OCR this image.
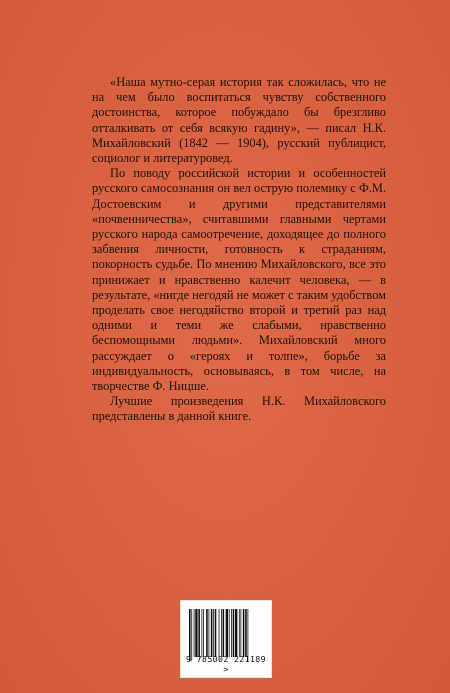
«Наша мутно-серая история так сложилась, что не на чем было воспитаться чувству собственного достоинства, которое побуждало бы брезгливо отталкивать от себя всякую гадину», — писал Н.К. Михайловский (1842 — 1904), русский публицист, социолог и литературовед.

По поводу российской истории и особенностей русского самосознания он вел острую полемику с Ф.М. Достоевским и другими представителями «почвенничества», считавшими главными чертами русского народа самоотречение, доходящее до полного забвения личности, готовность к страданиям, покорность судьбе. По мнению Михайловского, все это принижает и нравственно калечит человека, — в результате, «нигде негодяй не может с таким удобством проделать свое негодяйство второй и третий раз над одними и теми же слабыми, нравственно беспомощными людьми». Михайловский много рассуждает о «героях и толпе», борьбе за индивидуальность, основываясь, в том числе, на творчестве Ф. Ницше.

Лучшие произведения Н.К. Михайловского представлены в данной книге.

9 785002 221189 >
